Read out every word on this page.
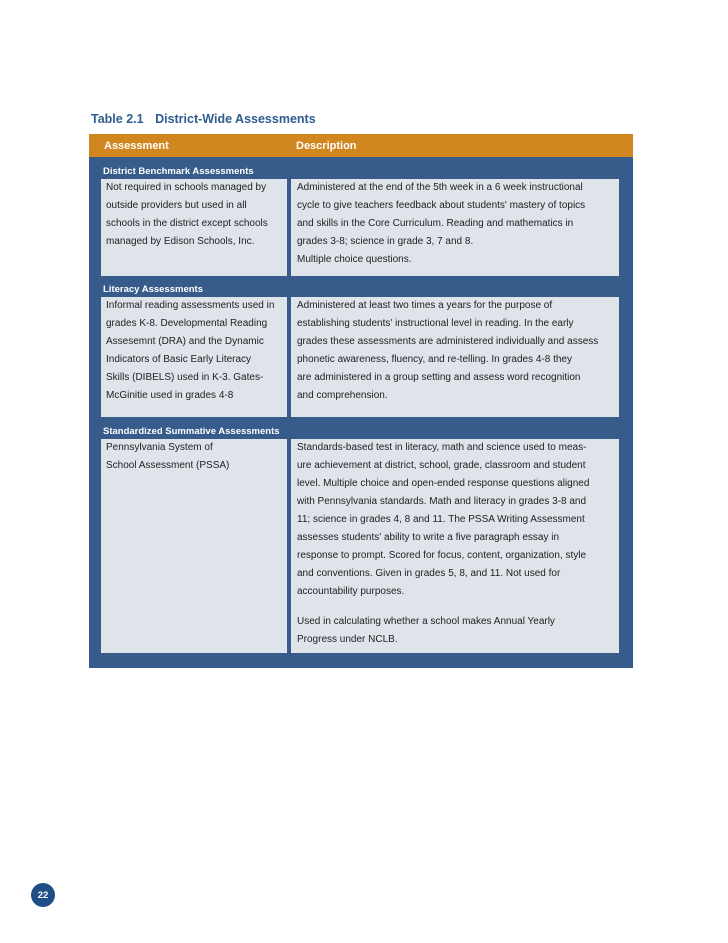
Table 2.1 District-Wide Assessments
Assessment	Description
District Benchmark Assessments
Not required in schools managed by
outside providers but used in all
schools in the district except schools
managed by Edison Schools, Inc.
Administered at the end of the 5th week in a 6 week instructional
cycle to give teachers feedback about students' mastery of topics
and skills in the Core Curriculum. Reading and mathematics in
grades 3-8; science in grade 3, 7 and 8.
Multiple choice questions.
Literacy Assessments
Informal reading assessments used in
grades K-8. Developmental Reading
Assesemnt (DRA) and the Dynamic
Indicators of Basic Early Literacy
Skills (DIBELS) used in K-3. Gates-
McGinitie used in grades 4-8
Administered at least two times a years for the purpose of
establishing students' instructional level in reading. In the early
grades these assessments are administered individually and assess
phonetic awareness, fluency, and re-telling. In grades 4-8 they
are administered in a group setting and assess word recognition
and comprehension.
Standardized Summative Assessments
Pennsylvania System of
School Assessment (PSSA)
Standards-based test in literacy, math and science used to meas-
ure achievement at district, school, grade, classroom and student
level. Multiple choice and open-ended response questions aligned
with Pennsylvania standards. Math and literacy in grades 3-8 and
11; science in grades 4, 8 and 11. The PSSA Writing Assessment
assesses students' ability to write a five paragraph essay in
response to prompt. Scored for focus, content, organization, style
and conventions. Given in grades 5, 8, and 11. Not used for
accountability purposes.
Used in calculating whether a school makes Annual Yearly
Progress under NCLB.
22
